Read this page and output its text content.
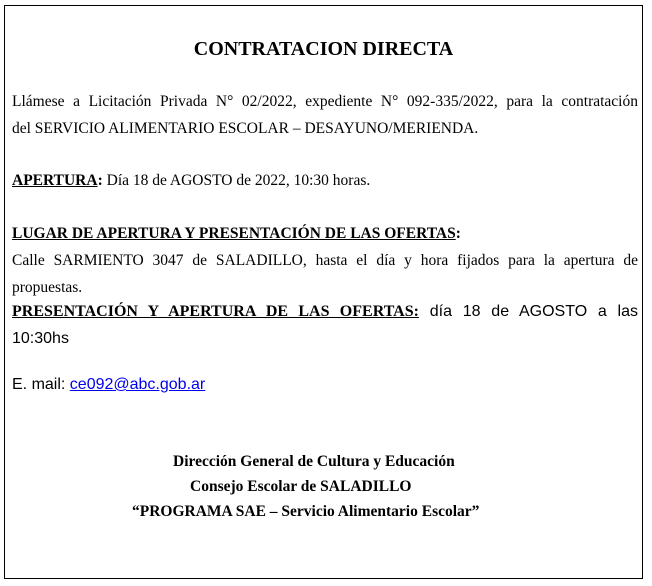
CONTRATACION DIRECTA
Llámese a Licitación Privada N° 02/2022, expediente N° 092-335/2022, para la contratación
del SERVICIO ALIMENTARIO ESCOLAR – DESAYUNO/MERIENDA.
APERTURA: Día 18 de AGOSTO de 2022, 10:30 horas.
LUGAR DE APERTURA Y PRESENTACIÓN DE LAS OFERTAS:
Calle SARMIENTO 3047 de SALADILLO, hasta el día y hora fijados para la apertura de
propuestas.
PRESENTACIÓN Y APERTURA DE LAS OFERTAS: día 18 de AGOSTO a las
10:30hs
E. mail: ce092@abc.gob.ar
Dirección General de Cultura y Educación
Consejo Escolar de SALADILLO
“PROGRAMA SAE – Servicio Alimentario Escolar”
